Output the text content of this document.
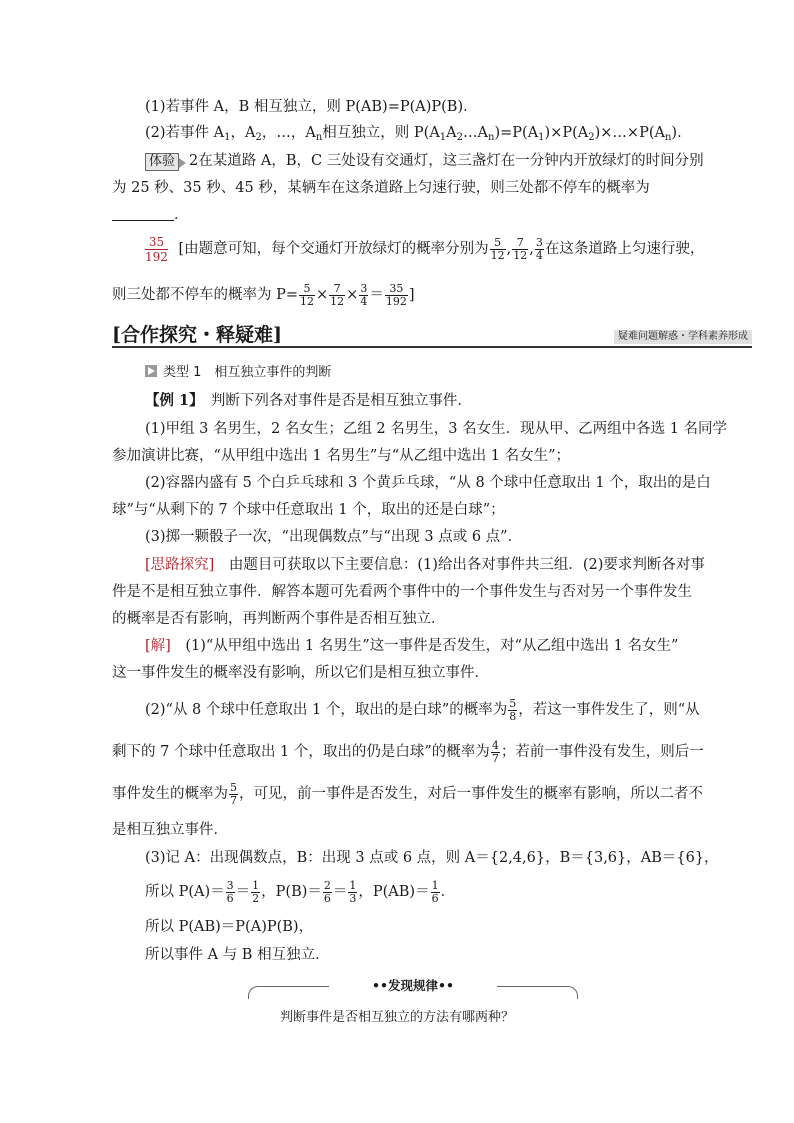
(1)若事件 A，B 相互独立，则 P(AB)=P(A)P(B)．
(2)若事件 $A_1$，$A_2$，…，$A_n$相互独立，则 $P(A_1A_2\dots A_n)=P(A_1)\times P(A_2)\times\dots\times P(A_n)$．
体验 2在某道路 A，B，C 三处设有交通灯，这三盏灯在一分钟内开放绿灯的时间分别
为 25 秒、35 秒、45 秒，某辆车在这条道路上匀速行驶，则三处都不停车的概率为
．
$\frac{35}{192}$ [由题意可知，每个交通灯开放绿灯的概率分别为 $\frac{5}{12}$ , $\frac{7}{12}$ , $\frac{3}{4}$ 在这条道路上匀速行驶，
则三处都不停车的概率为 $P= \frac{5}{12} \times \frac{7}{12} \times \frac{3}{4} = \frac{35}{192}$ ]
[合作探究・释疑难]	疑难问题解惑・学科素养形成
类型 1　相互独立事件的判断
【例 1】　判断下列各对事件是否是相互独立事件．
(1)甲组 3 名男生，2 名女生；乙组 2 名男生，3 名女生．现从甲、乙两组中各选 1 名同学
参加演讲比赛，“从甲组中选出 1 名男生”与“从乙组中选出 1 名女生”；
(2)容器内盛有 5 个白乒乓球和 3 个黄乒乓球，“从 8 个球中任意取出 1 个，取出的是白
球”与“从剩下的 7 个球中任意取出 1 个，取出的还是白球”；
(3)掷一颗骰子一次，“出现偶数点”与“出现 3 点或 6 点”．
[思路探究]　由题目可获取以下主要信息：(1)给出各对事件共三组．(2)要求判断各对事
件是不是相互独立事件．解答本题可先看两个事件中的一个事件发生与否对另一个事件发生
的概率是否有影响，再判断两个事件是否相互独立．
[解]　(1)“从甲组中选出 1 名男生”这一事件是否发生，对“从乙组中选出 1 名女生”
这一事件发生的概率没有影响，所以它们是相互独立事件．
(2)“从 8 个球中任意取出 1 个，取出的是白球”的概率为 $\frac{5}{8}$ ，若这一事件发生了，则“从
剩下的 7 个球中任意取出 1 个，取出的仍是白球”的概率为 $\frac{4}{7}$ ；若前一事件没有发生，则后一
事件发生的概率为 $\frac{5}{7}$ ，可见，前一事件是否发生，对后一事件发生的概率有影响，所以二者不
是相互独立事件．
(3)记 A：出现偶数点，B：出现 3 点或 6 点，则 A＝{2,4,6}，B＝{3,6}，AB＝{6}，
所以 $P(A)= \frac{3}{6} = \frac{1}{2}$ ，$P(B)= \frac{2}{6} = \frac{1}{3}$ ，$P(AB)= \frac{1}{6}$ ．
所以 P(AB)＝P(A)P(B)，
所以事件 A 与 B 相互独立．
••发现规律••
判断事件是否相互独立的方法有哪两种？
